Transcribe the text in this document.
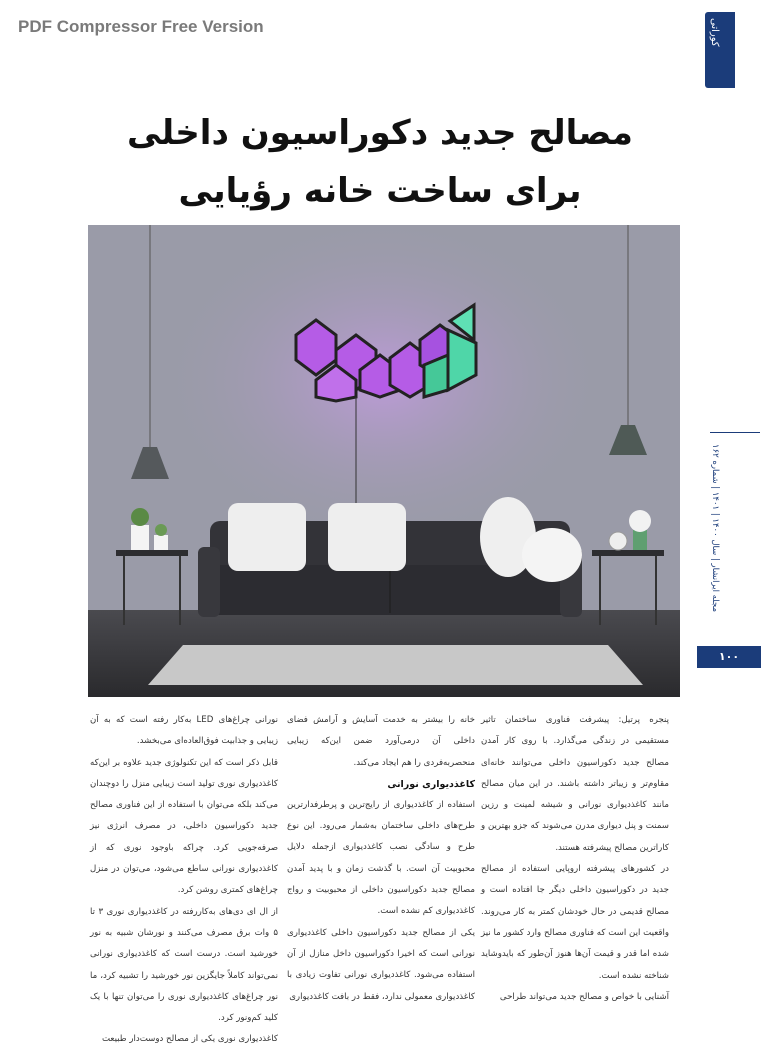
PDF Compressor Free Version	کوراتی
مجله ایرانشار | سال ۱۴۰۰ | ۱۴۰۱ | شماره ۱۶۲
۱۰۰
مصالح جدید دکوراسیون داخلی
برای ساخت خانه رؤیایی

پنجره پرتیل: پیشرفت فناوری ساختمان تاثیر مستقیمی در زندگی می‌گذارد. با روی کار آمدن مصالح جدید دکوراسیون داخلی می‌توانند خانه‌ای مقاوم‌تر و زیباتر داشته باشند. در این میان مصالح مانند کاغذدیواری نورانی و شیشه لمینت و رزین سمنت و پنل دیواری مدرن می‌شوند که جزو بهترین و کاراترین مصالح پیشرفته هستند.

در کشورهای پیشرفته اروپایی استفاده از مصالح جدید در دکوراسیون داخلی دیگر جا افتاده است و مصالح قدیمی در حال خودشان کمتر به کار می‌روند. واقعیت این است که فناوری مصالح وارد کشور ما نیز شده اما قدر و قیمت آن‌ها هنوز آن‌طور که بایدوشاید شناخته نشده است.

آشنایی با خواص و مصالح جدید می‌تواند طراحی

خانه را بیشتر به خدمت آسایش و آرامش فضای داخلی آن درمی‌آورد ضمن این‌که زیبایی منحصربه‌فردی را هم ایجاد می‌کند.

کاغذدیواری نورانی

استفاده از کاغذدیواری از رایج‌ترین و پرطرفدارترین طرح‌های داخلی ساختمان به‌شمار می‌رود. این نوع طرح و سادگی نصب کاغذدیواری ازجمله دلایل محبوبیت آن است. با گذشت زمان و با پدید آمدن مصالح جدید دکوراسیون داخلی از محبوبیت و رواج کاغذدیواری کم نشده است.

یکی از مصالح جدید دکوراسیون داخلی کاغذدیواری نورانی است که اخیرا دکوراسیون داخل منازل از آن استفاده می‌شود. کاغذدیواری نورانی تفاوت زیادی با کاغذدیواری معمولی ندارد، فقط در بافت کاغذدیواری

نورانی چراغ‌های LED به‌کار رفته است که به آن زیبایی و جذابیت فوق‌العاده‌ای می‌بخشد.

قابل ذکر است که این تکنولوژی جدید علاوه بر این‌که کاغذدیواری نوری تولید است زیبایی منزل را دوچندان می‌کند بلکه می‌توان با استفاده از این فناوری مصالح جدید دکوراسیون داخلی، در مصرف انرژی نیز صرفه‌جویی کرد. چراکه باوجود نوری که از کاغذدیواری نورانی ساطع می‌شود، می‌توان در منزل چراغ‌های کمتری روشن کرد.

از ال ای دی‌های به‌کاررفته در کاغذدیواری نوری ۳ تا ۵ وات برق مصرف می‌کنند و نورشان شبیه به نور خورشید است. درست است که کاغذدیواری نورانی نمی‌تواند کاملاً جایگزین نور خورشید را تشبیه کرد، ما نور چراغ‌های کاغذدیواری نوری را می‌توان تنها با یک کلید کم‌ونور کرد.

کاغذدیواری نوری یکی از مصالح دوست‌دار طبیعت
